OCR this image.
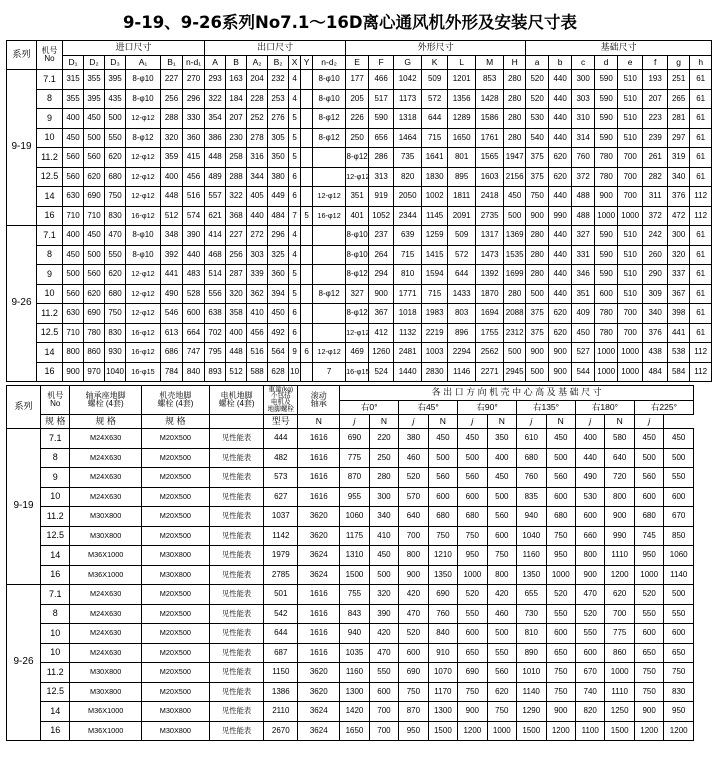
9-19、9-26系列No7.1～16D离心通风机外形及安装尺寸表
系列	机号
No	进口尺寸						出口尺寸							外形尺寸							基础尺寸							
		D₁	D₂	D₃	A₁	B₁	n-d₁	A	B	A₂	B₂	X	Y	n-d₂	E	F	G	K	L	M	H	a	b	c	d	e	f	g	h
9-19	7.1	315	355	395	8-φ10	227	270	293	163	204	232	4		8-φ10	177	466	1042	509	1201	853	280	520	440	300	590	510	193	251	61
	8	355	395	435	8-φ10	256	296	322	184	228	253	4		8-φ10	205	517	1173	572	1356	1428	280	520	440	303	590	510	207	265	61
	9	400	450	500	12-φ12	288	330	354	207	252	276	5		8-φ12	226	590	1318	644	1289	1586	280	530	440	310	590	510	223	281	61
	10	450	500	550	8-φ12	320	360	386	230	278	305	5		8-φ12	250	656	1464	715	1650	1761	280	540	440	314	590	510	239	297	61
	11.2	560	560	620	12-φ12	359	415	448	258	316	350	5			8-φ12	286	735	1641	801	1565	1947	375	620	760	780	700	261	319	61
	12.5	560	620	680	12-φ12	400	456	489	288	344	380	6			12-φ12	313	820	1830	895	1603	2156	375	620	372	780	700	282	340	61
	14	630	690	750	12-φ12	448	516	557	322	405	449	6		12-φ12	351	919	2050	1002	1811	2418	450	750	440	488	900	700	311	376	112
	16	710	710	830	16-φ12	512	574	621	368	440	484	7	5	16-φ12	401	1052	2344	1145	2091	2735	500	900	990	488	1000	1000	372	472	112
9-26	7.1	400	450	470	8-φ10	348	390	414	227	272	296	4			8-φ10	237	639	1259	509	1317	1369	280	440	327	590	510	242	300	61
	8	450	500	550	8-φ10	392	440	468	256	303	325	4			8-φ10	264	715	1415	572	1473	1535	280	440	331	590	510	260	320	61
	9	500	560	620	12-φ12	441	483	514	287	339	360	5			8-φ12	294	810	1594	644	1392	1699	280	440	346	590	510	290	337	61
	10	560	620	680	12-φ12	490	528	556	320	362	394	5		8-φ12	327	900	1771	715	1433	1870	280	500	440	351	600	510	309	367	61
	11.2	630	690	750	12-φ12	546	600	638	358	410	450	6			8-φ12	367	1018	1983	803	1694	2088	375	620	409	780	700	340	398	61
	12.5	710	780	830	16-φ12	613	664	702	400	456	492	6			12-φ12	412	1132	2219	896	1755	2312	375	620	450	780	700	376	441	61
	14	800	860	930	16-φ12	686	747	795	448	516	564	9	6	12-φ12	469	1260	2481	1003	2294	2562	500	900	900	527	1000	1000	438	538	112
	16	900	970	1040	16-φ15	784	840	893	512	588	628	10		7	16-φ15	524	1440	2830	1146	2271	2945	500	900	544	1000	1000	484	584	112
系列	机号
No	轴承座地脚
螺栓 (4套)	机壳地脚
螺栓 (4套)	电机地脚
螺栓 (4套)	重量(kg)
不包括
电机及
地脚螺栓	滚动
轴承	各 出 口 方 向 机 壳 中 心 高 及 基 础 尺 寸											
							右0°		右45°		右90°		右135°		右180°		右225°	
	规 格	规 格	规 格		型号	N	j	N	j	N	j	N	j	N	j	N	j	
9-19	7.1	M24X630	M20X500	见性能表	444	1616	690	220	380	450	450	350	610	450	400	580	450	450
	8	M24X630	M20X500	见性能表	482	1616	775	250	460	500	500	400	680	500	440	640	500	500
	9	M24X630	M20X500	见性能表	573	1616	870	280	520	560	560	450	760	560	490	720	560	550
	10	M24X630	M20X500	见性能表	627	1616	955	300	570	600	600	500	835	600	530	800	600	600
	11.2	M30X800	M20X500	见性能表	1037	3620	1060	340	640	680	680	560	940	680	600	900	680	670
	12.5	M30X800	M20X500	见性能表	1142	3620	1175	410	700	750	750	600	1040	750	660	990	745	850
	14	M36X1000	M30X800	见性能表	1979	3624	1310	450	800	1210	950	750	1160	950	800	1110	950	1060
	16	M36X1000	M30X800	见性能表	2785	3624	1500	500	900	1350	1000	800	1350	1000	900	1200	1000	1140
9-26	7.1	M24X630	M20X500	见性能表	501	1616	755	320	420	690	520	420	655	520	470	620	520	500
	8	M24X630	M20X500	见性能表	542	1616	843	390	470	760	550	460	730	550	520	700	550	550
	10	M24X630	M20X500	见性能表	644	1616	940	420	520	840	600	500	810	600	550	775	600	600
	10	M24X630	M20X500	见性能表	687	1616	1035	470	600	910	650	550	890	650	600	860	650	650
	11.2	M30X800	M20X500	见性能表	1150	3620	1160	550	690	1070	690	560	1010	750	670	1000	750	750
	12.5	M30X800	M20X500	见性能表	1386	3620	1300	600	750	1170	750	620	1140	750	740	1110	750	830
	14	M36X1000	M30X800	见性能表	2110	3624	1420	700	870	1300	900	750	1290	900	820	1250	900	950
	16	M36X1000	M30X800	见性能表	2670	3624	1650	700	950	1500	1200	1000	1500	1200	1100	1500	1200	1200
